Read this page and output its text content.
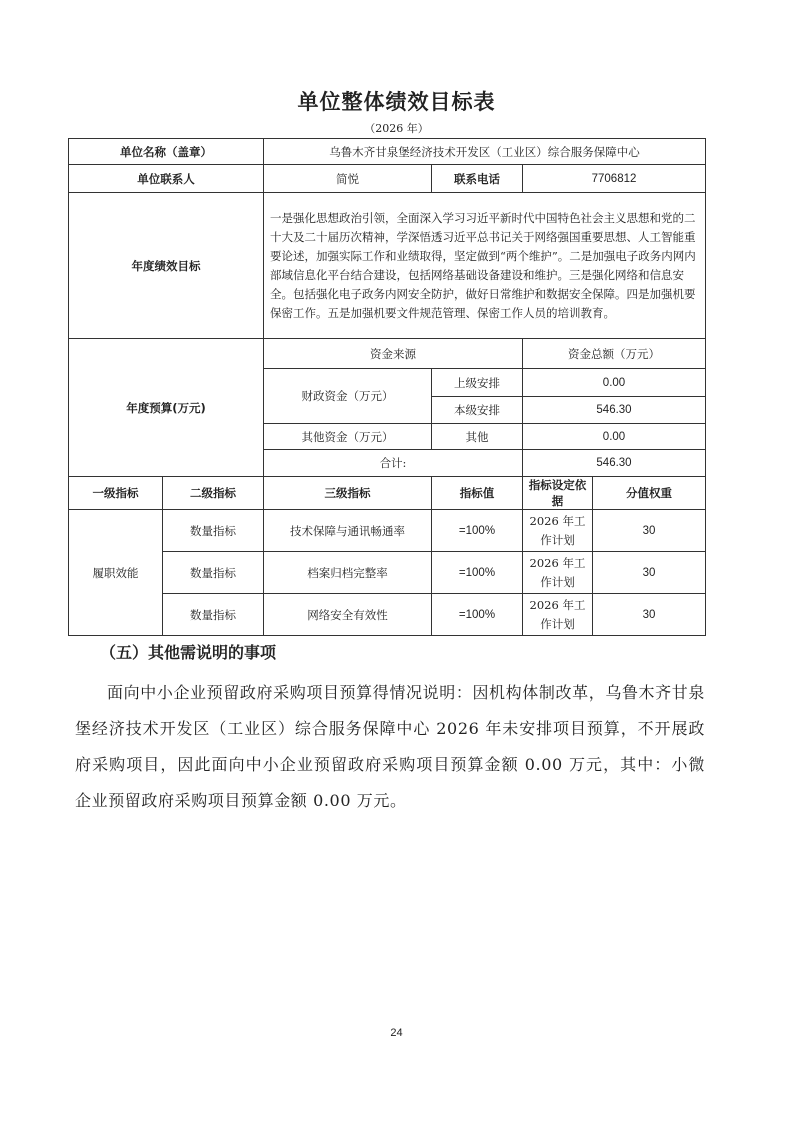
单位整体绩效目标表
（2026 年）
单位名称（盖章）		乌鲁木齐甘泉堡经济技术开发区（工业区）综合服务保障中心			
单位联系人		简悦	联系电话	7706812	
年度绩效目标		一是强化思想政治引领，全面深入学习习近平新时代中国特色社会主义思想和党的二十大及二十届历次精神，学深悟透习近平总书记关于网络强国重要思想、人工智能重要论述，加强实际工作和业绩取得，坚定做到“两个维护”。二是加强电子政务内网内部域信息化平台结合建设，包括网络基础设备建设和维护。三是强化网络和信息安全。包括强化电子政务内网安全防护，做好日常维护和数据安全保障。四是加强机要保密工作。五是加强机要文件规范管理、保密工作人员的培训教育。			
年度预算(万元)		资金来源		资金总额（万元）	
		财政资金（万元）	上级安排	0.00	
			本级安排	546.30	
		其他资金（万元）	其他	0.00	
		合计:		546.30	
一级指标	二级指标	三级指标	指标值	指标设定依据	分值权重
履职效能	数量指标	技术保障与通讯畅通率	=100%	2026 年工作计划	30
	数量指标	档案归档完整率	=100%	2026 年工作计划	30
	数量指标	网络安全有效性	=100%	2026 年工作计划	30
（五）其他需说明的事项
面向中小企业预留政府采购项目预算得情况说明：因机构体制改革，乌鲁木齐甘泉堡经济技术开发区（工业区）综合服务保障中心 2026 年未安排项目预算，不开展政府采购项目，因此面向中小企业预留政府采购项目预算金额 0.00 万元，其中：小微企业预留政府采购项目预算金额 0.00 万元。
24
